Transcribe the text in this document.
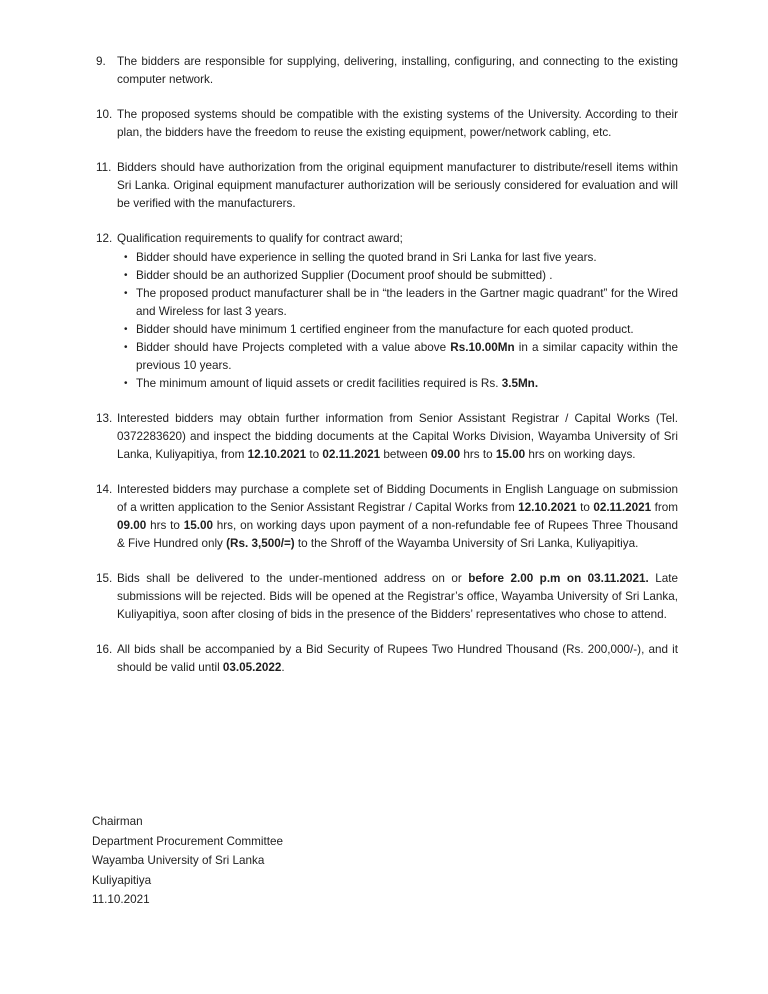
9. The bidders are responsible for supplying, delivering, installing, configuring, and connecting to the existing computer network.

10. The proposed systems should be compatible with the existing systems of the University. According to their plan, the bidders have the freedom to reuse the existing equipment, power/network cabling, etc.

11. Bidders should have authorization from the original equipment manufacturer to distribute/resell items within Sri Lanka. Original equipment manufacturer authorization will be seriously considered for evaluation and will be verified with the manufacturers.

12. Qualification requirements to qualify for contract award;

• Bidder should have experience in selling the quoted brand in Sri Lanka for last five years.
• Bidder should be an authorized Supplier (Document proof should be submitted) .
• The proposed product manufacturer shall be in “the leaders in the Gartner magic quadrant” for the Wired and Wireless for last 3 years.
• Bidder should have minimum 1 certified engineer from the manufacture for each quoted product.
• Bidder should have Projects completed with a value above Rs.10.00Mn in a similar capacity within the previous 10 years.
• The minimum amount of liquid assets or credit facilities required is Rs. 3.5Mn.
13. Interested bidders may obtain further information from Senior Assistant Registrar / Capital Works (Tel. 0372283620) and inspect the bidding documents at the Capital Works Division, Wayamba University of Sri Lanka, Kuliyapitiya, from 12.10.2021 to 02.11.2021 between 09.00 hrs to 15.00 hrs on working days.

14. Interested bidders may purchase a complete set of Bidding Documents in English Language on submission of a written application to the Senior Assistant Registrar / Capital Works from 12.10.2021 to 02.11.2021 from 09.00 hrs to 15.00 hrs, on working days upon payment of a non-refundable fee of Rupees Three Thousand & Five Hundred only (Rs. 3,500/=) to the Shroff of the Wayamba University of Sri Lanka, Kuliyapitiya.

15. Bids shall be delivered to the under-mentioned address on or before 2.00 p.m on 03.11.2021. Late submissions will be rejected. Bids will be opened at the Registrar’s office, Wayamba University of Sri Lanka, Kuliyapitiya, soon after closing of bids in the presence of the Bidders’ representatives who chose to attend.

16. All bids shall be accompanied by a Bid Security of Rupees Two Hundred Thousand (Rs. 200,000/-), and it should be valid until 03.05.2022.

Chairman
Department Procurement Committee
Wayamba University of Sri Lanka
Kuliyapitiya
11.10.2021
